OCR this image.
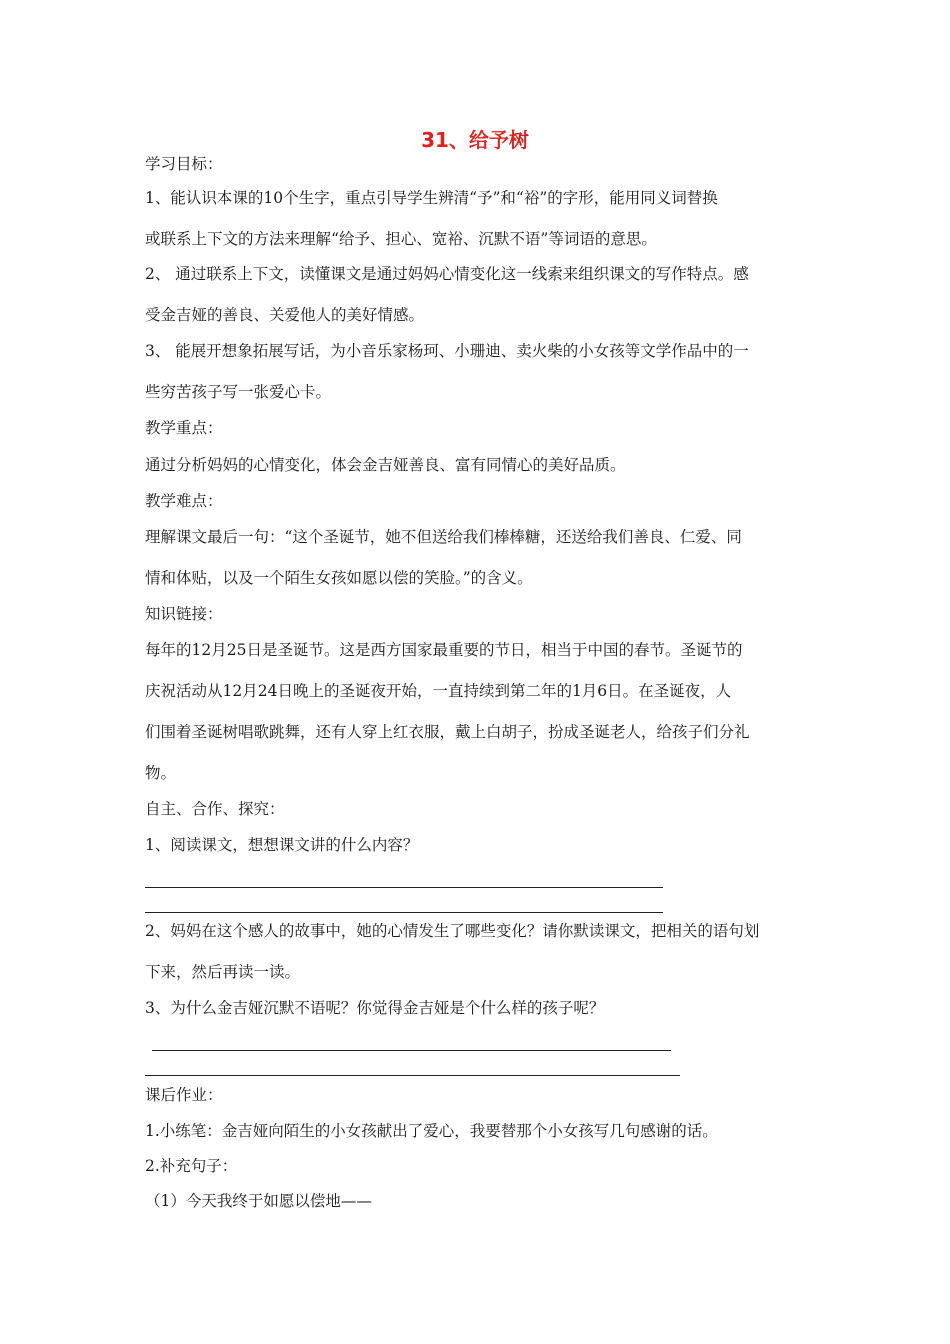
31、给予树
学习目标：
1、能认识本课的10个生字，重点引导学生辨清“予”和“裕”的字形，能用同义词替换
或联系上下文的方法来理解“给予、担心、宽裕、沉默不语”等词语的意思。
2、 通过联系上下文，读懂课文是通过妈妈心情变化这一线索来组织课文的写作特点。感
受金吉娅的善良、关爱他人的美好情感。
3、 能展开想象拓展写话，为小音乐家杨珂、小珊迪、卖火柴的小女孩等文学作品中的一
些穷苦孩子写一张爱心卡。
教学重点：
通过分析妈妈的心情变化，体会金吉娅善良、富有同情心的美好品质。
教学难点：
理解课文最后一句：“这个圣诞节，她不但送给我们棒棒糖，还送给我们善良、仁爱、同
情和体贴，以及一个陌生女孩如愿以偿的笑脸。”的含义。
知识链接：
每年的12月25日是圣诞节。这是西方国家最重要的节日，相当于中国的春节。圣诞节的
庆祝活动从12月24日晚上的圣诞夜开始，一直持续到第二年的1月6日。在圣诞夜，人
们围着圣诞树唱歌跳舞，还有人穿上红衣服，戴上白胡子，扮成圣诞老人，给孩子们分礼
物。
自主、合作、探究：
1、阅读课文，想想课文讲的什么内容？
2、妈妈在这个感人的故事中，她的心情发生了哪些变化？请你默读课文，把相关的语句划
下来，然后再读一读。
3、为什么金吉娅沉默不语呢？你觉得金吉娅是个什么样的孩子呢？
课后作业：
1.小练笔：金吉娅向陌生的小女孩献出了爱心，我要替那个小女孩写几句感谢的话。
2.补充句子：
（1）今天我终于如愿以偿地——
